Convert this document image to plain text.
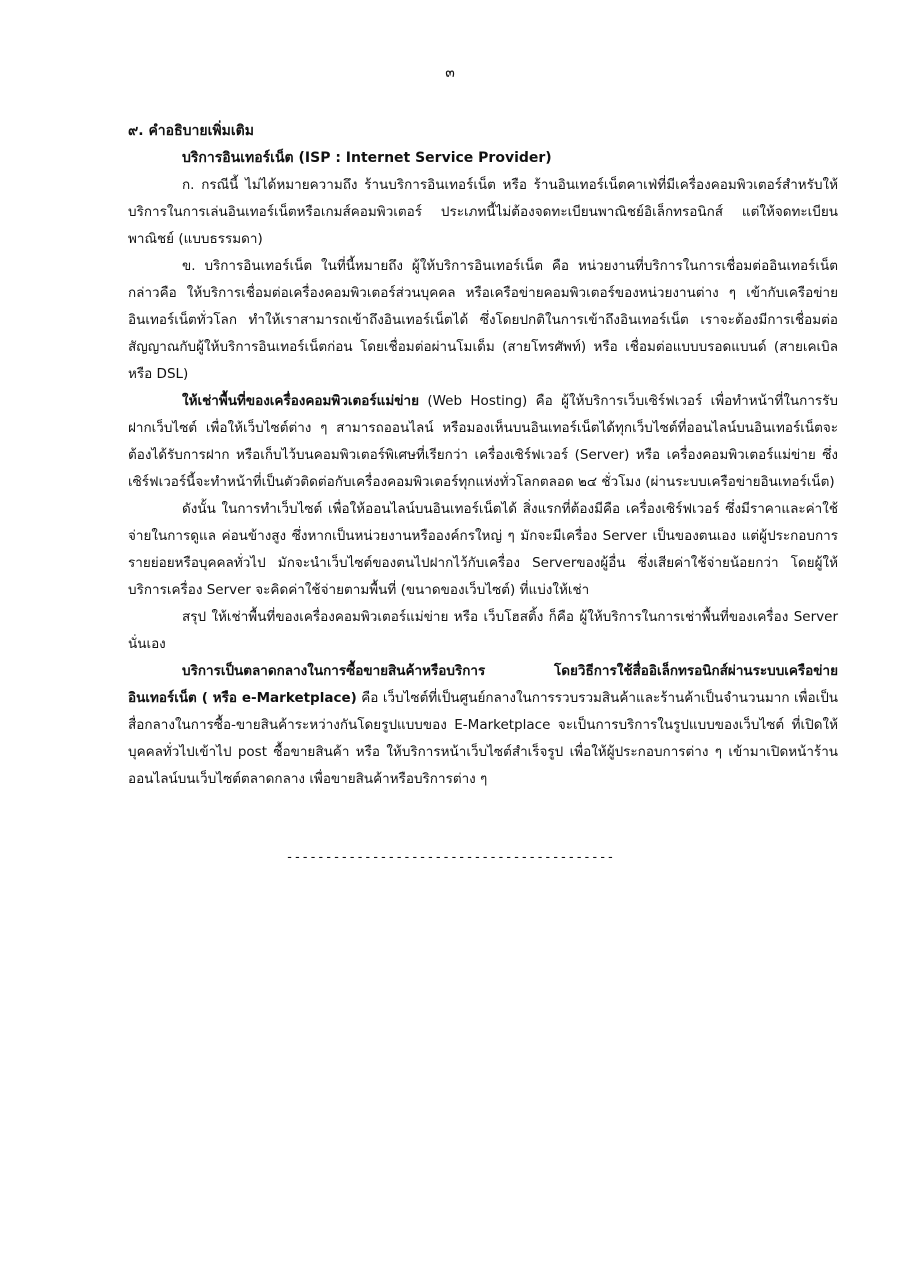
๓

๙. คำอธิบายเพิ่มเติม

บริการอินเทอร์เน็ต (ISP : Internet Service Provider)

ก. กรณีนี้ ไม่ได้หมายความถึง ร้านบริการอินเทอร์เน็ต หรือ ร้านอินเทอร์เน็ตคาเฟ่ที่มีเครื่องคอมพิวเตอร์สำหรับให้บริการในการเล่นอินเทอร์เน็ตหรือเกมส์คอมพิวเตอร์ ประเภทนี้ไม่ต้องจดทะเบียนพาณิชย์อิเล็กทรอนิกส์ แต่ให้จดทะเบียนพาณิชย์ (แบบธรรมดา)

ข. บริการอินเทอร์เน็ต ในที่นี้หมายถึง ผู้ให้บริการอินเทอร์เน็ต คือ หน่วยงานที่บริการในการเชื่อมต่ออินเทอร์เน็ต กล่าวคือ ให้บริการเชื่อมต่อเครื่องคอมพิวเตอร์ส่วนบุคคล หรือเครือข่ายคอมพิวเตอร์ของหน่วยงานต่าง ๆ เข้ากับเครือข่ายอินเทอร์เน็ตทั่วโลก ทำให้เราสามารถเข้าถึงอินเทอร์เน็ตได้ ซึ่งโดยปกติในการเข้าถึงอินเทอร์เน็ต เราจะต้องมีการเชื่อมต่อสัญญาณกับผู้ให้บริการอินเทอร์เน็ตก่อน โดยเชื่อมต่อผ่านโมเด็ม (สายโทรศัพท์) หรือ เชื่อมต่อแบบบรอดแบนด์ (สายเคเบิล หรือ DSL)

ให้เช่าพื้นที่ของเครื่องคอมพิวเตอร์แม่ข่าย (Web Hosting) คือ ผู้ให้บริการเว็บเซิร์ฟเวอร์ เพื่อทำหน้าที่ในการรับฝากเว็บไซต์ เพื่อให้เว็บไซต์ต่าง ๆ สามารถออนไลน์ หรือมองเห็นบนอินเทอร์เน็ตได้ทุกเว็บไซต์ที่ออนไลน์บนอินเทอร์เน็ตจะต้องได้รับการฝาก หรือเก็บไว้บนคอมพิวเตอร์พิเศษที่เรียกว่า เครื่องเซิร์ฟเวอร์ (Server) หรือ เครื่องคอมพิวเตอร์แม่ข่าย ซึ่งเซิร์ฟเวอร์นี้จะทำหน้าที่เป็นตัวติดต่อกับเครื่องคอมพิวเตอร์ทุกแห่งทั่วโลกตลอด ๒๔ ชั่วโมง (ผ่านระบบเครือข่ายอินเทอร์เน็ต)

ดังนั้น ในการทำเว็บไซต์ เพื่อให้ออนไลน์บนอินเทอร์เน็ตได้ สิ่งแรกที่ต้องมีคือ เครื่องเซิร์ฟเวอร์ ซึ่งมีราคาและค่าใช้จ่ายในการดูแล ค่อนข้างสูง ซึ่งหากเป็นหน่วยงานหรือองค์กรใหญ่ ๆ มักจะมีเครื่อง Server เป็นของตนเอง แต่ผู้ประกอบการรายย่อยหรือบุคคลทั่วไป มักจะนำเว็บไซต์ของตนไปฝากไว้กับเครื่อง Serverของผู้อื่น ซึ่งเสียค่าใช้จ่ายน้อยกว่า โดยผู้ให้บริการเครื่อง Server จะคิดค่าใช้จ่ายตามพื้นที่ (ขนาดของเว็บไซต์) ที่แบ่งให้เช่า

สรุป ให้เช่าพื้นที่ของเครื่องคอมพิวเตอร์แม่ข่าย หรือ เว็บโฮสติ้ง ก็คือ ผู้ให้บริการในการเช่าพื้นที่ของเครื่อง Server นั่นเอง

บริการเป็นตลาดกลางในการซื้อขายสินค้าหรือบริการ โดยวิธีการใช้สื่ออิเล็กทรอนิกส์ผ่านระบบเครือข่ายอินเทอร์เน็ต ( หรือ e-Marketplace) คือ เว็บไซต์ที่เป็นศูนย์กลางในการรวบรวมสินค้าและร้านค้าเป็นจำนวนมาก เพื่อเป็นสื่อกลางในการซื้อ-ขายสินค้าระหว่างกันโดยรูปแบบของ E-Marketplace จะเป็นการบริการในรูปแบบของเว็บไซต์ ที่เปิดให้บุคคลทั่วไปเข้าไป post ซื้อขายสินค้า หรือ ให้บริการหน้าเว็บไซต์สำเร็จรูป เพื่อให้ผู้ประกอบการต่าง ๆ เข้ามาเปิดหน้าร้านออนไลน์บนเว็บไซต์ตลาดกลาง เพื่อขายสินค้าหรือบริการต่าง ๆ

------------------------------------------
